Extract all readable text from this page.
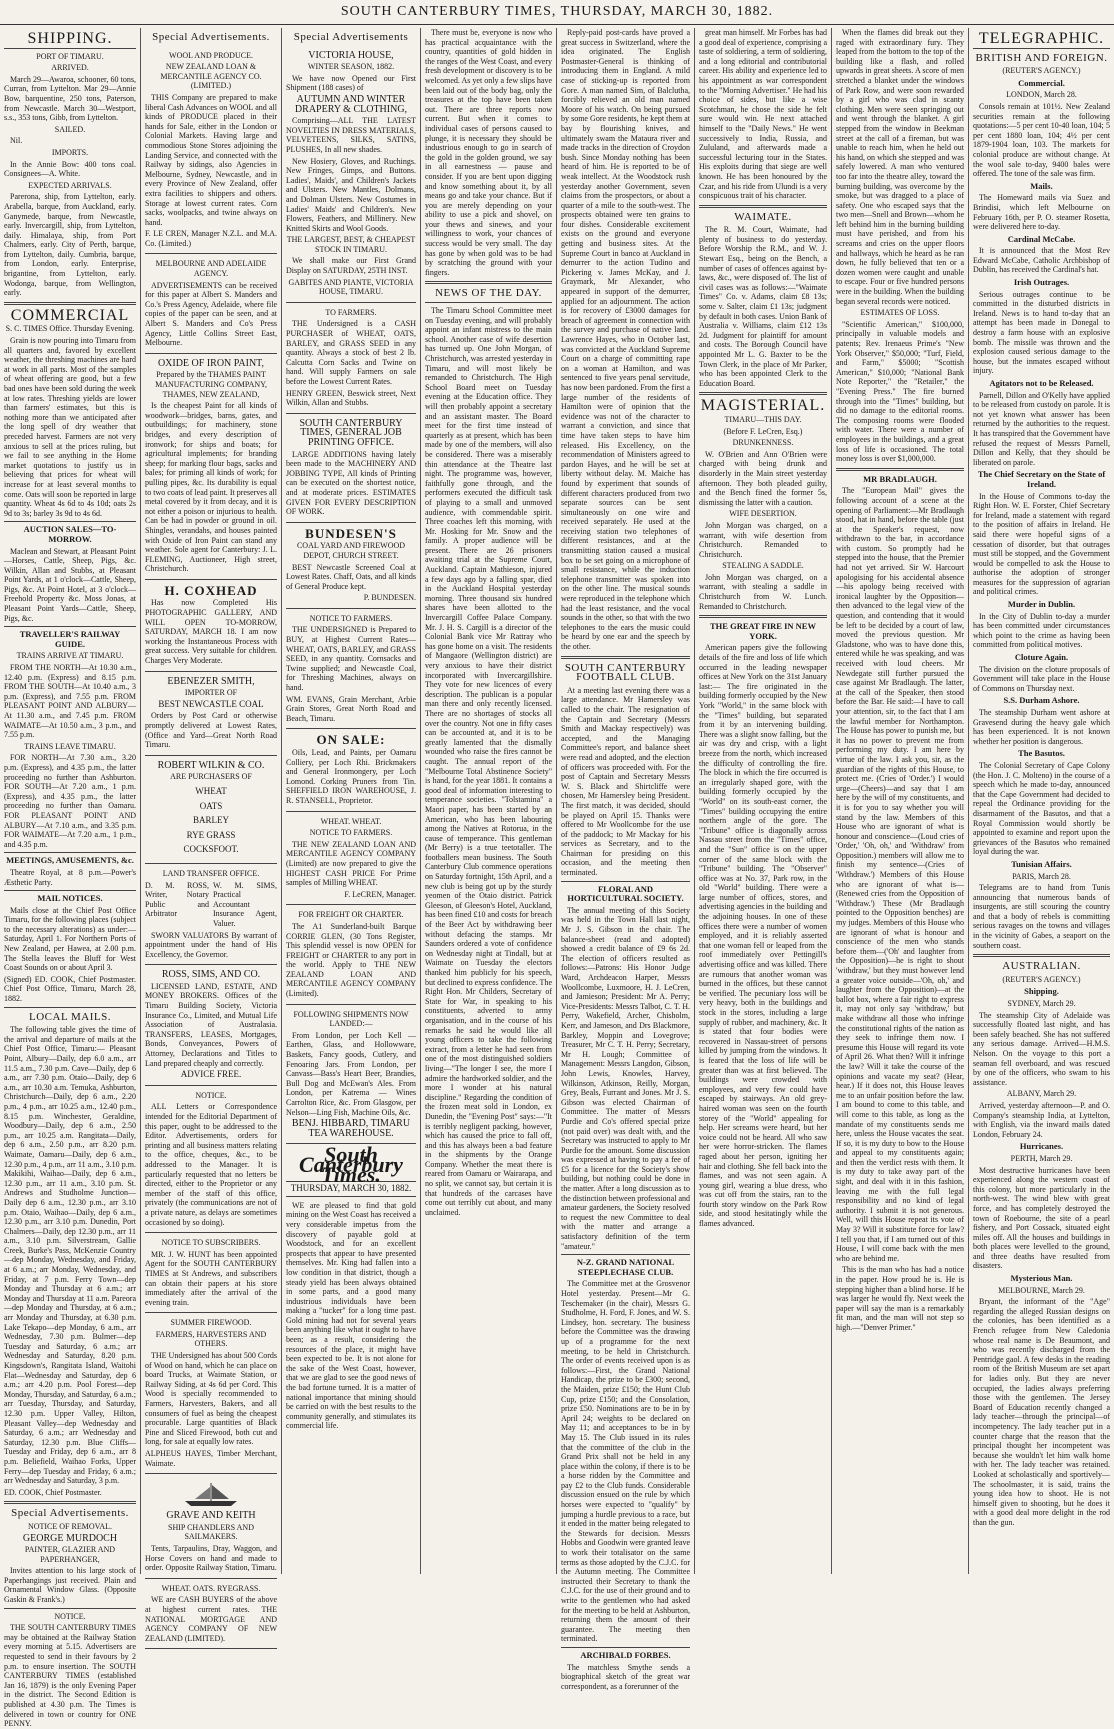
SOUTH CANTERBURY TIMES, THURSDAY, MARCH 30, 1882.
SHIPPING.
PORT OF TIMARU.
ARRIVED.

March 29—Awaroa, schooner, 60 tons, Curran, from Lyttelton. Mar 29—Annie Bow, barquentine, 250 tons, Paterson, from Newcastle. March 30—Westport, s.s., 353 tons, Gibb, from Lyttelton.

SAILED.

Nil.

IMPORTS.

In the Annie Bow: 400 tons coal. Consignees—A. White.

EXPECTED ARRIVALS.

Parerona, ship, from Lyttelton, early. Arabella, barque, from Auckland, early. Ganymede, barque, from Newcastle, early. Invercargill, ship, from Lyttelton, daily. Himalaya, ship, from Port Chalmers, early. City of Perth, barque, from Lyttelton, daily. Cumbria, barque, from London, early. Enterprise, brigantine, from Lyttelton, early. Wodonga, barque, from Wellington, early.

COMMERCIAL
S. C. TIMES Office. Thursday Evening.

Grain is now pouring into Timaru from all quarters and, favored by excellent weather, the threshing machines are hard at work in all parts. Most of the samples of wheat offering are good, but a few bad ones have been sold during the week at low rates. Threshing yields are lower than farmers' estimates, but this is nothing more than we anticipated after the long spell of dry weather that preceded harvest. Farmers are not very anxious to sell at the prices ruling, but we fail to see anything in the Home market quotations to justify us in believing that prices for wheat will increase for at least several months to come. Oats will soon be reported in large quantity. Wheat 4s 6d to 4s 10d; oats 2s 9d to 3s; barley 3s 9d to 4s 6d.

AUCTION SALES—TO-MORROW.

Maclean and Stewart, at Pleasant Point —Horses, Cattle, Sheep, Pigs, &c. Wilkin, Allan and Stubbs, at Pleasant Point Yards, at 1 o'clock—Cattle, Sheep, Pigs, &c. At Point Hotel, at 3 o'clock—Freehold Property &c. Moss Jonas, at Pleasant Point Yards—Cattle, Sheep, Pigs, &c.

TRAVELLER'S RAILWAY GUIDE.
TRAINS ARRIVE AT TIMARU.

FROM THE NORTH—At 10.30 a.m., 12.40 p.m. (Express) and 8.15 p.m. FROM THE SOUTH—At 10.40 a.m., 3 p.m. (Express), and 7.55 p.m. FROM PLEASANT POINT AND ALBURY—At 11.30 a.m., and 7.45 p.m. FROM WAIMATE—At 10.50 a.m., 3 p.m., and 7.55 p.m.

TRAINS LEAVE TIMARU.

FOR NORTH—At 7.30 a.m., 3.20 p.m. (Express), and 4.35 p.m., the latter proceeding no further than Ashburton. FOR SOUTH—At 7.20 a.m., 1 p.m. (Express), and 4.35 p.m., the latter proceeding no further than Oamaru. FOR PLEASANT POINT AND ALBURY—At 7.10 a.m., and 3.35 p.m. FOR WAIMATE—At 7.20 a.m., 1 p.m., and 4.35 p.m.

MEETINGS, AMUSEMENTS, &c.

Theatre Royal, at 8 p.m.—Power's Æsthetic Party.

MAIL NOTICES.

Mails close at the Chief Post Office Timaru, for the following places (subject to the necessary alterations) as under:— Saturday, April 1. For Northern Ports of New Zealand, per Hawea, at 2.00 p.m. The Stella leaves the Bluff for West Coast Sounds on or about April 3.

(Signed) ED. COOK, Chief Postmaster. Chief Post Office, Timaru, March 28, 1882.

LOCAL MAILS.

The following table gives the time of the arrival and departure of mails at the Chief Post Office, Timaru:— Pleasant Point, Albury—Daily, dep 6.0 a.m., arr 11.5 a.m., 7.30 p.m. Cave—Daily, dep 6 a.m., arr 7.30 p.m. Otaio—Daily, dep 6 a.m., arr 10.30 a.m. Temuka, Ashburton, Christchurch—Daily, dep 6 a.m., 2.20 p.m., 4 p.m., arr 10.25 a.m., 12.40 p.m., 8.15 p.m. Winchester, Geraldine, Woodbury—Daily, dep 6 a.m., 2.50 p.m., arr 10.25 a.m. Rangitata—Daily, dep 6 a.m., 2.50 p.m., arr 8.20 p.m. Waimate, Oamaru—Daily, dep 6 a.m., 12.30 p.m., 4 p.m., arr 11 a.m., 3.10 p.m. Makikihi, Waihao—Daily, dep 6 a.m., 12.30 p.m., arr 11 a.m., 3.10 p.m. St. Andrews and Studholme Junction—Daily dep 6 a.m., 12.30 p.m., arr 3.10 p.m. Otaio, Waihao—Daily, dep 6 a.m., 12.30 p.m., arr 3.10 p.m. Dunedin, Port Chalmers—Daily, dep 12.30 p.m., arr 11 a.m., 3.10 p.m. Silverstream, Gallie Creek, Burke's Pass, McKenzie Country—dep Monday, Wednesday, and Friday, at 6 a.m.; arr Monday, Wednesday, and Friday, at 7 p.m. Ferry Town—dep Monday and Thursday at 6 a.m.; arr Monday and Thursday at 11 a.m. Pareora—dep Monday and Thursday, at 6 a.m.; arr Monday and Thursday, at 6.30 p.m. Lake Tekapo—dep Monday, 6 a.m., arr Wednesday, 7.30 p.m. Bulmer—dep Tuesday and Saturday, 6 a.m.; arr Wednesday and Saturday, 8.20 p.m. Kingsdown's, Rangitata Island, Waitohi Flat—Wednesday and Saturday, dep 6 a.m.; arr 4.20 p.m. Pool Forest—dep Monday, Thursday, and Saturday, 6 a.m.; arr Tuesday, Thursday, and Saturday, 12.30 p.m. Upper Valley, Hilton, Pleasant Valley—dep Wednesday and Saturday, 6 a.m.; arr Wednesday and Saturday, 12.30 p.m. Blue Cliffs—Tuesday and Friday, dep 6 a.m., arr 8 p.m. Beliefield, Waihao Forks, Upper Ferry—dep Tuesday and Friday, 6 a.m.; arr Wednesday and Saturday, 3 p.m.

ED. COOK, Chief Postmaster.

Special Advertisements.
NOTICE OF REMOVAL.
GEORGE MURDOCH
PAINTER, GLAZIER AND PAPERHANGER,

Invites attention to his large stock of Paperhangings just received. Plain and Ornamental Window Glass. (Opposite Gaskin & Frank's.)

NOTICE.

THE SOUTH CANTERBURY TIMES may be obtained at the Railway Station every morning at 5.15. Advertisers are requested to send in their favours by 2 p.m. to ensure insertion. The SOUTH CANTERBURY TIMES (established Jan 16, 1879) is the only Evening Paper in the district. The Second Edition is published at 4.30 p.m. The Times is delivered in town or country for ONE PENNY.

Special Advertisements.
WOOL AND PRODUCE.
NEW ZEALAND LOAN & MERCANTILE AGENCY CO. (LIMITED.)

THIS Company are prepared to make liberal Cash Advances on WOOL and all kinds of PRODUCE placed in their hands for Sale, either in the London or Colonial Markets. Having large and commodious Stone Stores adjoining the Landing Service, and connected with the Railway by sidings, also Agencies in Melbourne, Sydney, Newcastle, and in every Province of New Zealand, offer extra facilities to shippers and others. Storage at lowest current rates. Corn sacks, woolpacks, and twine always on hand.

F. LE CREN, Manager N.Z.L. and M.A. Co. (Limited.)

MELBOURNE AND ADELAIDE AGENCY.

ADVERTISEMENTS can be received for this paper at Albert S. Manders and Co.'s Press Agency, Adelaide, where file copies of the paper can be seen, and at Albert S. Manders and Co's Press Agency, Little Collins Street East, Melbourne.

OXIDE OF IRON PAINT,
Prepared by the THAMES PAINT MANUFACTURING COMPANY, THAMES, NEW ZEALAND,

Is the cheapest Paint for all kinds of woodwork—bridges, barns, gates, and outbuildings; for machinery, stone bridges, and every description of ironwork; for ships and boats; for agricultural implements; for branding sheep; for marking flour bags, sacks and bales; for priming all kinds of work; for pulling pipes, &c. Its durability is equal to two coats of lead paint. It preserves all metal covered by it from decay, and it is not either a poison or injurious to health. Can be had in powder or ground in oil. Shingles, verandahs, and houses painted with Oxide of Iron Paint can stand any weather. Sole agent for Canterbury: J. L. FLEMING, Auctioneer, High street, Christchurch.

H. COXHEAD

Has now Completed His PHOTOGRAPHIC GALLERY, AND WILL OPEN TO-MORROW, SATURDAY, MARCH 18. I am now working the Instantaneous Process with great success. Very suitable for children. Charges Very Moderate.

EBENEZER SMITH,
IMPORTER OF
BEST NEWCASTLE COAL

Orders by Post Card or otherwise promptly delivered at Lowest Rates, (Office and Yard—Great North Road Timaru.

ROBERT WILKIN & CO.
ARE PURCHASERS OF
WHEAT
OATS
BARLEY
RYE GRASS
COCKSFOOT.
LAND TRANSFER OFFICE.

D. M. ROSS, Writer, Notary Public and Arbitrator

W. M. SIMS, Practical Accountant Insurance Agent, Valuer.

SWORN VALUATORS By warrant of appointment under the hand of His Excellency, the Governor.

ROSS, SIMS, AND CO.

LICENSED LAND, ESTATE, AND MONEY BROKERS. Offices of the Timaru Building Society, Victoria Insurance Co., Limited, and Mutual Life Association of Australasia. TRANSFERS, LEASES, Mortgages, Bonds, Conveyances, Powers of Attorney, Declarations and Titles to Land prepared cheaply and correctly.

ADVICE FREE.
NOTICE.

ALL Letters or Correspondence intended for the Editorial Department of this paper, ought to be addressed to the Editor. Advertisements, orders for printing and all business matters relating to the office, cheques, &c., to be addressed to the Manager. It is particularly requested that no letters be directed, either to the Proprietor or any member of the staff of this office, privately (the communications are not of a private nature, as delays are sometimes occasioned by so doing).

NOTICE TO SUBSCRIBERS.

MR. J. W. HUNT has been appointed Agent for the SOUTH CANTERBURY TIMES at St Andrews, and subscribers can obtain their papers at his store immediately after the arrival of the evening train.

SUMMER FIREWOOD.
FARMERS, HARVESTERS AND OTHERS.

THE Undersigned has about 500 Cords of Wood on hand, which he can place on board Trucks, at Waimate Station, or Railway Siding, at 4s 6d per Cord. This Wood is specially recommended to Farmers, Harvesters, Bakers, and all consumers of fuel as being the cheapest procurable. Large quantities of Black Pine and Sliced Firewood, both cut and long, for sale at equally low rates.

ALPHEUS HAYES, Timber Merchant, Waimate.

GRAVE AND KEITH
SHIP CHANDLERS AND SAILMAKERS.

Tents, Tarpaulins, Dray, Waggon, and Horse Covers on hand and made to order. Opposite Railway Station, Timaru.

WHEAT. OATS. RYEGRASS.

WE are CASH BUYERS of the above at highest current rates. THE NATIONAL MORTGAGE AND AGENCY COMPANY OF NEW ZEALAND (LIMITED).

Special Advertisements
VICTORIA HOUSE,
WINTER SEASON, 1882.

We have now Opened our First Shipment (188 cases) of

AUTUMN AND WINTER DRAPERY & CLOTHING,

Comprising—ALL THE LATEST NOVELTIES IN DRESS MATERIALS, VELVETEENS, SILKS, SATINS, PLUSHES, In all new shades.

New Hosiery, Gloves, and Ruchings. New Fringes, Gimps, and Buttons. Ladies', Maids', and Children's Jackets and Ulsters. New Mantles, Dolmans, and Dolman Ulsters. New Costumes in Ladies' Maids' and Children's. New Flowers, Feathers, and Millinery. New Knitted Skirts and Wool Goods.

THE LARGEST, BEST, & CHEAPEST STOCK IN TIMARU.

We shall make our First Grand Display on SATURDAY, 25TH INST.

GABITES AND PIANTE, VICTORIA HOUSE, TIMARU.
TO FARMERS.

THE Undersigned is a CASH PURCHASER of WHEAT, OATS, BARLEY, and GRASS SEED in any quantity. Always a stock of best 2 lb. Calcutta Corn Sacks and Twine on hand. Will supply Farmers on sale before the Lowest Current Rates.

HENRY GREEN, Beswick street, Next Wilkin, Allan and Stubbs.

SOUTH CANTERBURY TIMES, GENERAL JOB PRINTING OFFICE.

LARGE ADDITIONS having lately been made to the MACHINERY AND JOBBING TYPE, All kinds of Printing can be executed on the shortest notice, and at moderate prices. ESTIMATES GIVEN FOR EVERY DESCRIPTION OF WORK.

BUNDESEN'S
COAL YARD AND FIREWOOD DEPOT, CHURCH STREET.

BEST Newcastle Screened Coal at Lowest Rates. Chaff, Oats, and all kinds of General Produce kept.

P. BUNDESEN.

NOTICE TO FARMERS.

THE UNDERSIGNED is Prepared to BUY, at Highest Current Rates—WHEAT, OATS, BARLEY, and GRASS SEED, in any quantity. Cornsacks and Twine supplied; and Newcastle Coal, for Threshing Machines, always on hand.

WM. EVANS, Grain Merchant, Arbie Grain Stores, Great North Road and Beach, Timaru.

ON SALE:

Oils, Lead, and Paints, per Oamaru Colliery, per Loch Rhi. Brickmakers and General Ironmongery, per Loch Lomond. Corking Pruners from Tin. SHEFFIELD IRON WAREHOUSE, J. R. STANSELL, Proprietor.

WHEAT. WHEAT.
NOTICE TO FARMERS.

THE NEW ZEALAND LOAN AND MERCANTILE AGENCY COMPANY (Limited) are now prepared to give the HIGHEST CASH PRICE For Prime samples of Milling WHEAT.

F. LeCREN, Manager.

FOR FREIGHT OR CHARTER.

The A1 Sunderland-built Barque CORRIE GLEN, (30 Tons Register, This splendid vessel is now OPEN for FREIGHT or CHARTER to any port in the world. Apply to THE NEW ZEALAND LOAN AND MERCANTILE AGENCY COMPANY (Limited).

FOLLOWING SHIPMENTS NOW LANDED:—

From London, per Loch Kell — Earthen, Glass, and Hollowware, Baskets, Fancy goods, Cutlery, and Fenoaring Jars. From London, per Canvass—Bass's Heart Beer, Brandies, Bull Dog and McEwan's Ales. From London, per Katrema — Wines Carrolton Rice, &c. From Glasgow, per Nelson—Ling Fish, Machine Oils, &c.

BENJ. HIBBARD, TIMARU TEA WAREHOUSE.
South Canterbury Times.
THURSDAY, MARCH 30, 1882.

WE are pleased to find that gold mining on the West Coast has received a very considerable impetus from the discovery of payable gold at Woodstock, and for an excellent prospects that appear to have presented themselves. Mr. King had fallen into a low condition in that district, though a steady yield has been always obtained in some parts, and a good many industrious individuals have been making a "tucker" for a long time past. Gold mining had not for several years been anything like what it ought to have been; as a result, considering the resources of the place, it might have been expected to be. It is not alone for the sake of the West Coast, however, that we are glad to see the good news of the bad fortune turned. It is a matter of national importance that mining should be carried on with the best results to the community generally, and stimulates its commercial life.

There must be, everyone is now who has practical acquaintance with the country, quantities of gold hidden in the ranges of the West Coast, and every fresh development or discovery is to be welcomed. As yet only a few slips have been laid out of the body bag, only the treasures at the top have been taken out. There are three reports now current. But when it comes to individual cases of persons caused to plunge, it is necessary they should be industrious enough to go in search of the gold in the golden ground, we say in all earnestness — pause and consider. If you are bent upon digging and know something about it, by all means go and take your chance. But if you are merely depending on your ability to use a pick and shovel, on your thews and sinews, and your willingness to work, your chances of success would be very small. The day has gone by when gold was to be had by scratching the ground with your fingers.

NEWS OF THE DAY.

The Timaru School Committee meet on Tuesday evening, and will probably appoint an infant mistress to the main school. Another case of wife desertion has turned up. One John Morgan, of Christchurch, was arrested yesterday in Timaru, and will most likely be remanded to Christchurch. The High School Board meet on Tuesday evening at the Education office. They will then probably appoint a secretary and an assistant master. The Board meet for the first time instead of quarterly as at present, which has been made by one of the members, will also be considered. There was a miserably thin attendance at the Theatre last night. The programme was, however, faithfully gone through, and the performers executed the difficult task of playing to a small and unmoved audience, with commendable spirit. Three coaches left this morning, with Mr. Hosking for Mr. Snow and the family. A proper audience will be present. There are 26 prisoners awaiting trial at the Supreme Court, Auckland. Captain Mathieson, injured a few days ago by a falling spar, died in the Auckland Hospital yesterday morning. Three thousand six hundred shares have been allotted to the Invercargill Coffee Palace Company. Mr. J. H. S. Cargill is a director of the Colonial Bank vice Mr Rattray who has gone home on a visit. The residents of Mangaore (Wellington district) are very anxious to have their district incorporated with Invercargillshire. They vote for new licences of every description. The publican is a popular man there and only recently licensed. There are no shortages of stocks all over the country. Not one in fifty cases can be accounted at, and it is to be greatly lamented that the dismally wounded who raise the fires cannot be caught. The annual report of the "Melbourne Total Abstinence Society" is hand, for the year 1881. It contains a good deal of information interesting to temperance societies. "Tolstamina" a Maori paper, has been started by an American, who has been labouring among the Natives at Rotorua, in the cause of temperance. This gentleman (Mr Berry) is a true teetotaller. The footballers mean business. The South Canterbury Club commence operations on Saturday fortnight, 15th April, and a new club is being got up by the sturdy yeomen of the Otaio district. Patrick Gleeson, of Gleeson's Hotel, Auckland, has been fined £10 and costs for breach of the Beer Act by withdrawing beer without defacing the stamps. Mr Saunders ordered a vote of confidence on Wednesday night at Tindall, but at Waimate on Tuesday the electors thanked him publicly for his speech, but declined to express confidence. The Right Hon. Mr Childers, Secretary of State for War, in speaking to his constituents, adverted to army organisation, and in the course of his remarks he said he would like all young officers to take the following extract, from a letter he had seen from one of the most distinguished soldiers living—"The longer I see, the more I admire the hardworked soldier, and the more I wonder at his natural discipline." Regarding the condition of the frozen meat sold in London, ex Dunedin, the "Evening Post" says:—"It is terribly negligent packing, however, which has caused the price to fall off, and this has always been a bad feature in the shipments by the Orange Company. Whether the meat there is reared from Oamaru or Wairarapa, and no split, we cannot say, but certain it is that hundreds of the carcases have come out terribly cut about, and many unclaimed.

Reply-paid post-cards have proved a great success in Switzerland, where the idea originated. The English Postmaster-General is thinking of introducing them in England. A mild case of sticking-up is reported from Gore. A man named Sim, of Balclutha, forcibly relieved an old man named Moore of his watch. On being pursued by some Gore residents, he kept them at bay by flourishing knives, and ultimately swam the Mataura river and made tracks in the direction of Croydon bush. Since Monday nothing has been heard of him. He is reported to be of weak intellect. At the Woodstock rush yesterday another Government, seven claims from the prospectors, or about a quarter of a mile to the south-west. The prospects obtained were ten grains to four dishes. Considerable excitement exists on the ground and everyone getting and business sites. At the Supreme Court in banco at Auckland in demurrer to the action Tudino and Pickering v. James McKay, and J. Graymark, Mr Alexander, who appeared in support of the demurrer, applied for an adjournment. The action is for recovery of £3000 damages for breach of agreement in connection with the survey and purchase of native land. Lawrence Hayes, who in October last, was convicted at the Auckland Supreme Court on a charge of committing rape on a woman at Hamilton, and was sentenced to five years penal servitude, has now been pardoned. From the first a large number of the residents of Hamilton were of opinion that the evidence was not of the character to warrant a conviction, and since that time have taken steps to have him released. His Excellency, on the recommendation of Ministers agreed to pardon Hayes, and he will be set at liberty without delay. M. Maiche has found by experiment that sounds of different characters produced from two separate sources can be sent simultaneously on one wire and received separately. He used at the receiving station two telephones of different resistances, and at the transmitting station caused a musical box to be set going on a microphone of small resistance, while the induction telephone transmitter was spoken into on the other line. The musical sounds were reproduced in the telephone which had the least resistance, and the vocal sounds in the other, so that with the two telephones to the ears the music could be heard by one ear and the speech by the other.

SOUTH CANTERBURY FOOTBALL CLUB.

At a meeting last evening there was a large attendance. Mr Hamersley was called to the chair. The resignation of the Captain and Secretary (Messrs Smith and Mackay respectively) was accepted, and the Managing Committee's report, and balance sheet were read and adopted, and the election of officers was proceeded with. For the post of Captain and Secretary Messrs W. S. Black and Shirtcliffe were chosen, Mr Hamersley being President. The first match, it was decided, should be played on April 15. Thanks were offered to Mr Woollcombe for the use of the paddock; to Mr Mackay for his services as Secretary, and to the Chairman for presiding on this occasion, and the meeting then terminated.

FLORAL AND HORTICULTURAL SOCIETY.

The annual meeting of this Society was held in the Town Hall last night, Mr J. S. Gibson in the chair. The balance-sheet (read and adopted) showed a credit balance of £9 6s 2d. The election of officers resulted as follows:—Patrons: His Honor Judge Ward, Archdeacon Harper, Messrs Woollcombe, Luxmoore, H. J. LeCren, and Jamieson; President: Mr A. Perry; Vice-Presidents: Messrs Talbot, C. T. H. Perry, Wakefield, Archer, Chisholm, Kerr, and Jameson, and Drs Blackmore, Barkley, Moppin and Lovegrove; Treasurer, Mr C. T. H. Perry; Secretary, Mr H. Lough; Committee of Management: Messrs Langdon, Gibson, John Lewis, Knowles, Harvey, Wilkinson, Atkinson, Reilly, Morgan, Grey, Beals, Furrant and Jones. Mr J. S. Gibson was elected Chairman of Committee. The matter of Messrs Purdie and Co's offered special prize (not paid over) was dealt with, and the Secretary was instructed to apply to Mr Purdie for the amount. Some discussion was expressed at having to pay a fee of £5 for a licence for the Society's show building, but nothing could be done in the matter. After a long discussion as to the distinction between professional and amateur gardeners, the Society resolved to request the new Committee to deal with the matter and arrange a satisfactory definition of the term "amateur."

N-Z. GRAND NATIONAL STEEPLECHASE CLUB.

The Committee met at the Grosvenor Hotel yesterday. Present—Mr G. Teschemaker (in the chair), Messrs G. Studholme, H. Ford, F. Jones, and W. S. Lindsey, hon. secretary. The business before the Committee was the drawing up of a programme for the next meeting, to be held in Christchurch. The order of events received upon is as follows:—First, the Grand National Handicap, the prize to be £300; second, the Maiden, prize £150; the Hunt Club Cup, prize £150; and the Consolation, prize £50. Nominations are to be in by April 24; weights to be declared on May 11; and acceptances to be in by May 15. The Club issued in its rules that the committee of the club in the Grand Prix shall not be held in any place within the colony, if there is to be a horse ridden by the Committee and pay £2 to the Club funds. Considerable discussion ensued on the rule by which horses were expected to "qualify" by jumping a hurdle previous to a race, but it ended in the matter being relegated to the Stewards for decision. Messrs Hobbs and Goodwin were granted leave to work their totalisator on the same terms as those adopted by the C.J.C. for the Autumn meeting. The Committee instructed their Secretary to thank the C.J.C. for the use of their ground and to write to the gentlemen who had asked for the meeting to be held at Ashburton, returning them the amount of their guarantee. The meeting then terminated.

ARCHIBALD FORBES.

The matchless Smythe sends a biographical sketch of the great war correspondent, as a forerunner of the

great man himself. Mr Forbes has had a good deal of experience, comprising a taste of soldiering, a term of soldiering, and a long editorial and contributorial career. His ability and experience led to his appointment as war correspondent to the "Morning Advertiser." He had his choice of sides, but like a wise Scotchman, he chose the side he felt sure would win. He next attached himself to the "Daily News." He went successively to India, Russia, and Zululand, and afterwards made a successful lecturing tour in the States. His exploits during that siege are well known. He has been honoured by the Czar, and his ride from Ulundi is a very conspicuous trait of his character.

WAIMATE.

The R. M. Court, Waimate, had plenty of business to do yesterday. Before Worship the R.M., and W. J. Stewart Esq., being on the Bench, a number of cases of offences against by-laws, &c., were disposed of. The list of civil cases was as follows:—"Waimate Times" Co. v. Adams, claim £8 13s; some v. Salter, claim £1 13s; judgment by default in both cases. Union Bank of Australia v. Williams, claim £12 13s 2d. Judgment for plaintiff for amount and costs. The Borough Council have appointed Mr L. G. Baxter to be the Town Clerk, in the place of Mr Parker, who has been appointed Clerk to the Education Board.

MAGISTERIAL.
TIMARU—THIS DAY.
(Before F. LeCren, Esq.)
DRUNKENNESS.

W. O'Brien and Ann O'Brien were charged with being drunk and disorderly in the Main street yesterday afternoon. They both pleaded guilty, and the Bench fined the former 5s, dismissing the latter with a caution.

WIFE DESERTION.

John Morgan was charged, on a warrant, with wife desertion from Christchurch. Remanded to Christchurch.

STEALING A SADDLE.

John Morgan was charged, on a warrant, with stealing a saddle in Christchurch from W. Lunch. Remanded to Christchurch.

THE GREAT FIRE IN NEW YORK.

American papers give the following details of the fire and loss of life which occurred in the leading newspaper offices at New York on the 31st January last:— The fire originated in the building formerly occupied by the New York "World," in the same block with the "Times" building, but separated from it by an intervening building. There was a slight snow falling, but the air was dry and crisp, with a light breeze from the north, which increased the difficulty of controlling the fire. The block in which the fire occurred is an irregularly shaped gore, with the building formerly occupied by the "World" on its south-east corner, the "Times" building occupying the entire northern angle of the gore. The "Tribune" office is diagonally across Nassau street from the "Times" office, and the "Sun" office is on the upper corner of the same block with the "Tribune" building. The "Observer" office was at No. 37, Park row, in the old "World" building. There were a large number of offices, stores, and advertising agencies in the building and the adjoining houses. In one of these offices there were a number of women employed, and it is reliably asserted that one woman fell or leaped from the roof immediately over Pettingill's advertising office and was killed. There are rumours that another woman was burned in the offices, but these cannot be verified. The pecuniary loss will be very heavy, both in the buildings and stock in the stores, including a large supply of rubber, and machinery, &c. It is stated that four bodies were recovered in Nassau-street of persons killed by jumping from the windows. It is feared that the loss of life will be greater than was at first believed. The buildings were crowded with employees, and very few could have escaped by stairways. An old grey-haired woman was seen on the fourth storey of the "World" appealing for help. Her screams were heard, but her voice could not be heard. All who saw her were horror-stricken. The flames raged about her person, igniting her hair and clothing. She fell back into the flames, and was not seen again. A young girl, wearing a blue dress, who was cut off from the stairs, ran to the fourth story window on the Park Row side, and stood hesitatingly while the flames advanced.

When the flames did break out they raged with extraordinary fury. They leaped from the bottom to the top of the building like a flash, and rolled upwards in great sheets. A score of men stretched a blanket under the windows of Park Row, and were soon rewarded by a girl who was clad in scanty clothing. Men were seen springing out and went through the blanket. A girl stepped from the window in Beekman street at the call of a fireman, but was unable to reach him, when he held out his hand, on which she stepped and was safely lowered. A man who ventured too far into the theatre alley, toward the burning building, was overcome by the smoke, but was dragged to a place of safety. One who escaped says that the two men—Snell and Brown—whom he left behind him in the burning building must have perished, and from his screams and cries on the upper floors and hallways, which he heard as he ran down, he fully believed that ten or a dozen women were caught and unable to escape. Four or five hundred persons were in the building. When the building began several records were noticed.

ESTIMATES OF LOSS.

"Scientific American," $100,000, principally in valuable models and patents; Rev. Irenaeus Prime's "New York Observer," $50,000; "Turf, Field, and Farm," $5000; "Scottish American," $10,000; "National Bank Note Reporter," the "Retailer," the "Evening Press." The fire burned through into the "Times" building, but did no damage to the editorial rooms. The composing rooms were flooded with water. There were a number of employees in the buildings, and a great loss of life is occasioned. The total money loss is over $1,000,000.

MR BRADLAUGH.

The "European Mail" gives the following account of a scene at the opening of Parliament:—Mr Bradlaugh stood, hat in hand, before the table (just at the Speaker's request, now withdrawn to the bar, in accordance with custom. So promptly had he stepped into the house, that the Premier had not yet arrived. Sir W. Harcourt apologising for his accidental absence—his apology being received with ironical laughter by the Opposition—then advanced to the legal view of the question, and contending that it would be left to be decided by a court of law, moved the previous question. Mr Gladstone, who was to have done this, entered while he was speaking, and was received with loud cheers. Mr Newdegate still further pursued the case against Mr Bradlaugh. The latter, at the call of the Speaker, then stood before the Bar. He said:—I have to call your attention, sir, to the fact that I am the lawful member for Northampton. The House has power to punish me, but it has no power to prevent me from performing my duty. I am here by virtue of the law. I ask you, sir, as the guardian of the rights of this House, to protect me. (Cries of 'Order.') I would urge—(Cheers)—and say that I am here by the will of my constituents, and it is for you to say whether you will stand by the law. Members of this House who are ignorant of what is honour and conscience—(Loud cries of 'Order,' 'Oh, oh,' and 'Withdraw' from Opposition.) members will allow me to finish my sentence—(Cries of 'Withdraw.') Members of this House who are ignorant of what is—(Renewed cries from the Opposition of 'Withdraw.') These (Mr Bradlaugh pointed to the Opposition benches) are my judges. Members of this House who are ignorant of what is honour and conscience of the men who stands before them—('Oh' and laughter from the Opposition)—he is right to shout 'withdraw,' but they must however lend a greater voice outside—'Oh, oh,' and laughter from the Opposition)—at the ballot box, where a fair right to express it, may not only say 'withdraw,' but make withdraw all those who infringe the constitutional rights of the nation as they seek to infringe them now. I presume this House will regard its vote of April 26. What then? Will it infringe the law? Will it take the course of the opinions and vacate my seat? (Hear, hear.) If it does not, this House leaves me to an unfair position before the law. I am bound to come to this table, and will come to this table, as long as the mandate of my constituents sends me here, unless the House vacates the seat. If so, it is my duty to bow to the House and appeal to my constituents again; and then the verdict rests with them. It is my duty to take away part of the sight, and deal with it in this fashion, leaving me with the full legal responsibility and no kind of legal authority. I submit it is not generous. Well, will this House repeat its vote of May 3? Will it substitute force for law? I tell you that, if I am turned out of this House, I will come back with the men who are behind me.

This is the man who has had a notice in the paper. How proud he is. He is stepping higher than a blind horse. If he was larger he would fly. Next week the paper will say the man is a remarkably fit man, and the man will not step so high.—"Denver Primer."

TELEGRAPHIC.
BRITISH AND FOREIGN.
(REUTER'S AGENCY.)
Commercial.
LONDON, March 28.

Consols remain at 101½. New Zealand securities remain at the following quotations:—5 per cent 10-40 loan, 104; 5 per cent 1880 loan, 104; 4½ per cent 1879-1904 loan, 103. The markets for colonial produce are without change. At the wool sale to-day, 9400 bales were offered. The tone of the sale was firm.

Mails.

The Homeward mails via Suez and Brindisi, which left Melbourne on February 16th, per P. O. steamer Rosetta, were delivered here to-day.

Cardinal McCabe.

It is announced that the Most Rev Edward McCabe, Catholic Archbishop of Dublin, has received the Cardinal's hat.

Irish Outrages.

Serious outrages continue to be committed in the disturbed districts in Ireland. News is to hand to-day that an attempt has been made in Donegal to destroy a farm house with an explosive bomb. The missile was thrown and the explosion caused serious damage to the house, but the inmates escaped without injury.

Agitators not to be Released.

Parnell, Dillon and O'Kelly have applied to be released from custody on parole. It is not yet known what answer has been returned by the authorities to the request. It has transpired that the Government have refused the request of Messrs Parnell, Dillon and Kelly, that they should be liberated on parole.

The Chief Secretary on the State of Ireland.

In the House of Commons to-day the Right Hon. W. E. Forster, Chief Secretary for Ireland, made a statement with regard to the position of affairs in Ireland. He said there were hopeful signs of a cessation of disorder, but that outrages must still be stopped, and the Government would be compelled to ask the House to authorise the adoption of stronger measures for the suppression of agrarian and political crimes.

Murder in Dublin.

In the City of Dublin to-day a murder has been committed under circumstances which point to the crime as having been committed from political motives.

Cloture Again.

The division on the cloture proposals of Government will take place in the House of Commons on Thursday next.

S.S. Durham Ashore.

The steamship Durham went ashore at Gravesend during the heavy gale which has been experienced. It is not known whether her position is dangerous.

The Basutos.

The Colonial Secretary of Cape Colony (the Hon. J. C. Molteno) in the course of a speech which he made to-day, announced that the Cape Government had decided to repeal the Ordinance providing for the disarmament of the Basutos, and that a Royal Commission would shortly be appointed to examine and report upon the grievances of the Basutos who remained loyal during the war.

Tunisian Affairs.
PARIS, March 28.

Telegrams are to hand from Tunis announcing that numerous bands of insurgents, are still scouring the country and that a body of rebels is committing serious ravages on the towns and villages in the vicinity of Gabes, a seaport on the southern coast.

AUSTRALIAN.
(REUTER'S AGENCY.)
Shipping.
SYDNEY, March 29.

The steamship City of Adelaide was successfully floated last night, and has been safely beached. She has not suffered any serious damage. Arrived—H.M.S. Nelson. On the voyage to this port a seaman fell overboard, and was rescued by one of the officers, who swam to his assistance.

ALBANY, March 29.

Arrived, yesterday afternoon—P. and O. Company's steamship India, at Lyttelton, with English, via the inward mails dated London, February 24.

Hurricanes.
PERTH, March 29.

Most destructive hurricanes have been experienced along the western coast of this colony, but more particularly in the north-west. The wind blew with great force, and has completely destroyed the town of Roebourne, the site of a pearl fishery, and Port Cossack, situated eight miles off. All the houses and buildings in both places were levelled to the ground, and three deaths have resulted from disasters.

Mysterious Man.
MELBOURNE, March 29.

Bryant, the informant of the "Age" regarding the alleged Russian designs on the colonies, has been identified as a French refugee from New Caledonia whose real name is De Beaumont, and who was recently discharged from the Pentridge gaol. A few desks in the reading room of the British Museum are set apart for ladies only. But they are never occupied, the ladies always preferring those with the gentlemen. The Jersey Board of Education recently changed a lady teacher—through the principal—of incompetency. The lady teacher put in a counter charge that the reason that the principal thought her incompetent was because she wouldn't let him walk home with her. The lady teacher was retained. Looked at scholastically and sportively—The schoolmaster, it is said, trains the young idea how to shoot. He is not himself given to shooting, but he does it with a good deal more delight in the rod than the gun.
